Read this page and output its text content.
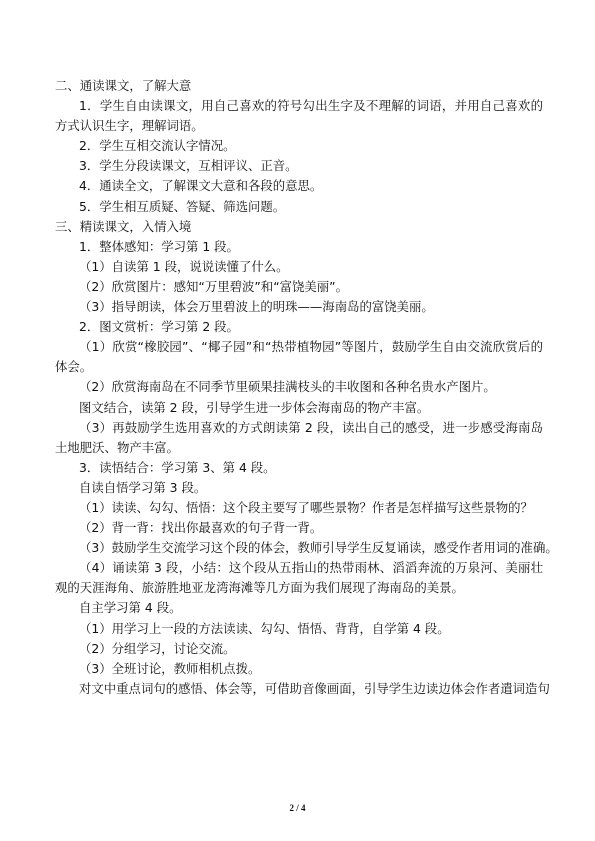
二、通读课文，了解大意
1．学生自由读课文，用自己喜欢的符号勾出生字及不理解的词语，并用自己喜欢的方式认识生字，理解词语。
2．学生互相交流认字情况。
3．学生分段读课文，互相评议、正音。
4．通读全文，了解课文大意和各段的意思。
5．学生相互质疑、答疑、筛选问题。
三、精读课文，入情入境
1．整体感知：学习第 1 段。
（1）自读第 1 段，说说读懂了什么。
（2）欣赏图片：感知“万里碧波”和“富饶美丽”。
（3）指导朗读，体会万里碧波上的明珠——海南岛的富饶美丽。
2．图文赏析：学习第 2 段。
（1）欣赏“橡胶园”、“椰子园”和“热带植物园”等图片，鼓励学生自由交流欣赏后的体会。
（2）欣赏海南岛在不同季节里硕果挂满枝头的丰收图和各种名贵水产图片。
图文结合，读第 2 段，引导学生进一步体会海南岛的物产丰富。
（3）再鼓励学生选用喜欢的方式朗读第 2 段，读出自己的感受，进一步感受海南岛土地肥沃、物产丰富。
3．读悟结合：学习第 3、第 4 段。
自读自悟学习第 3 段。
（1）读读、勾勾、悟悟：这个段主要写了哪些景物？作者是怎样描写这些景物的？
（2）背一背：找出你最喜欢的句子背一背。
（3）鼓励学生交流学习这个段的体会，教师引导学生反复诵读，感受作者用词的准确。
（4）诵读第 3 段，小结：这个段从五指山的热带雨林、滔滔奔流的万泉河、美丽壮观的天涯海角、旅游胜地亚龙湾海滩等几方面为我们展现了海南岛的美景。
自主学习第 4 段。
（1）用学习上一段的方法读读、勾勾、悟悟、背背，自学第 4 段。
（2）分组学习，讨论交流。
（3）全班讨论，教师相机点拨。
对文中重点词句的感悟、体会等，可借助音像画面，引导学生边读边体会作者遣词造句
2 / 4
